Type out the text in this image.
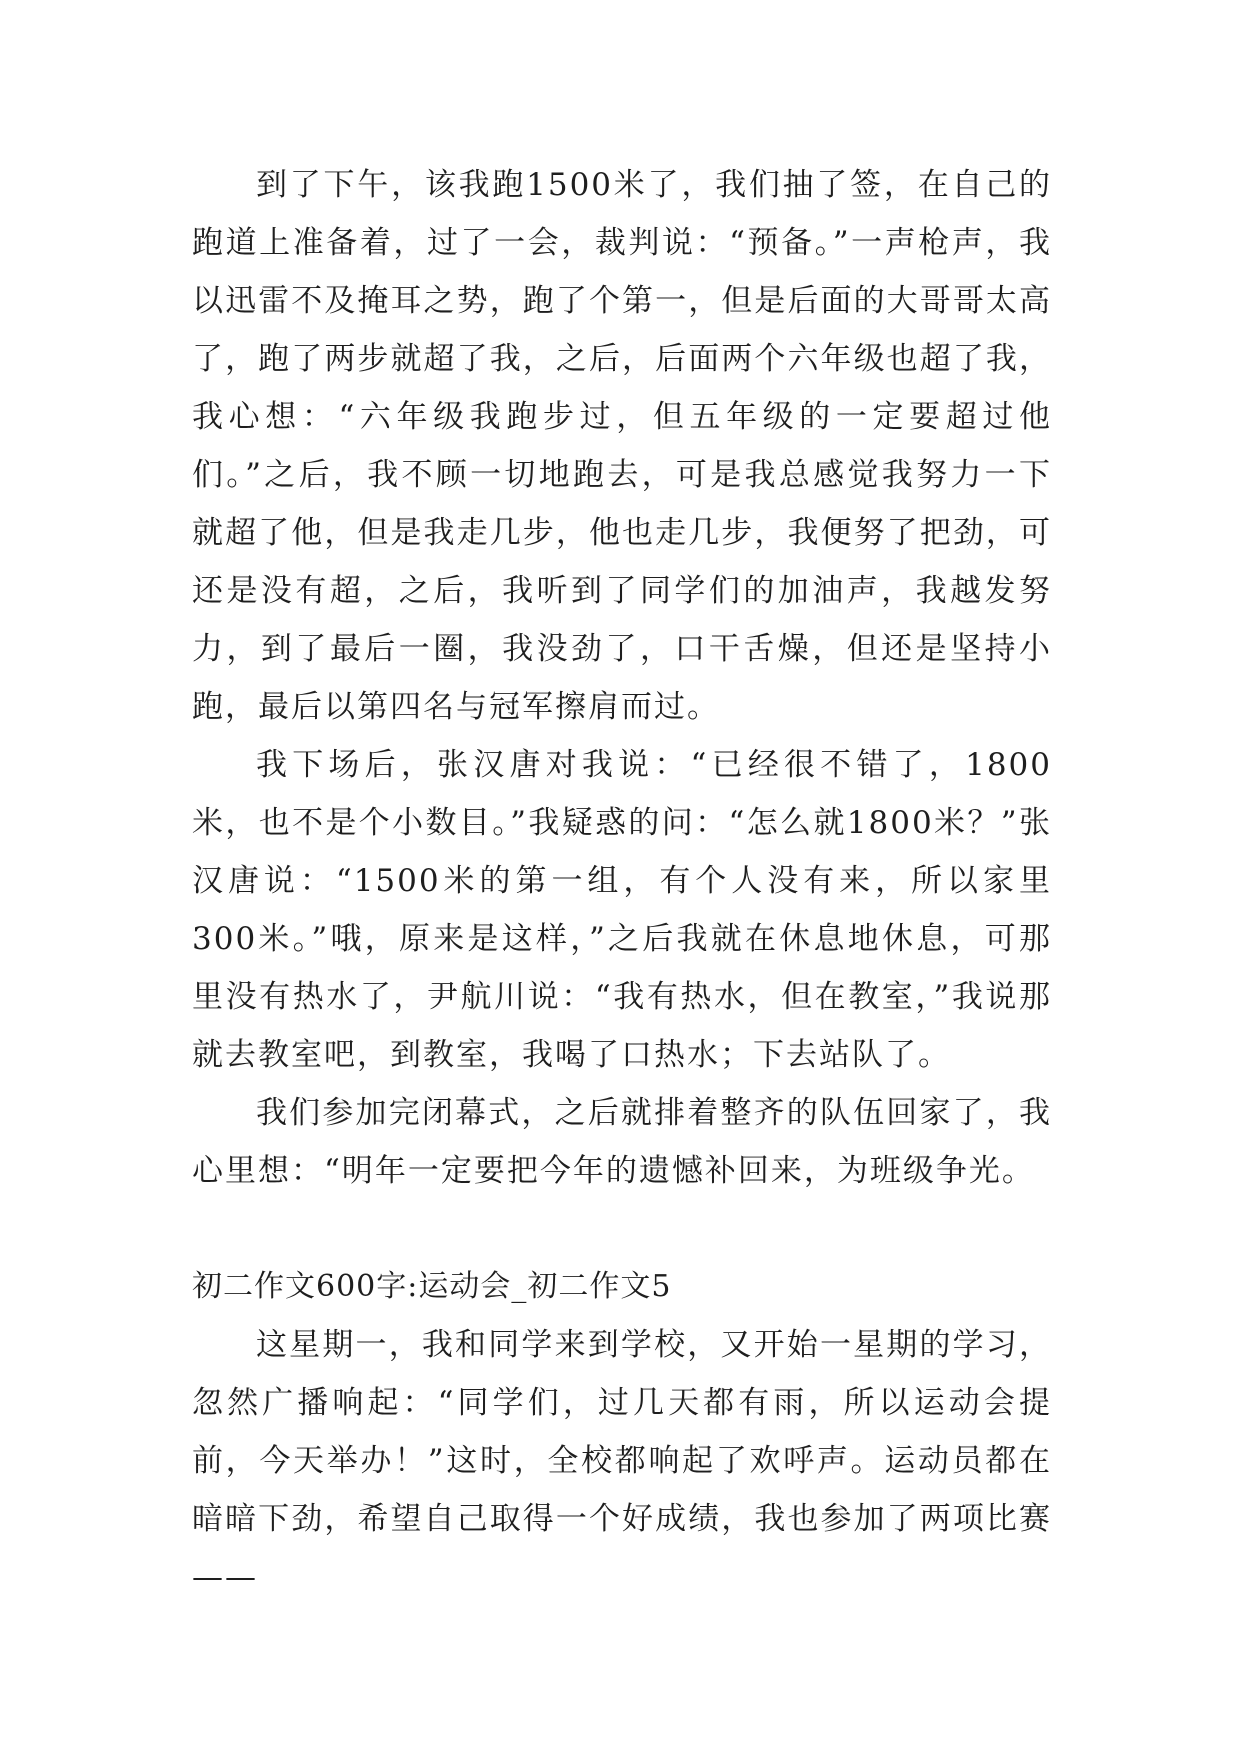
到了下午，该我跑1500米了，我们抽了签，在自己的跑道上准备着，过了一会，裁判说：“预备。”一声枪声，我以迅雷不及掩耳之势，跑了个第一，但是后面的大哥哥太高了，跑了两步就超了我，之后，后面两个六年级也超了我，我心想：“六年级我跑步过，但五年级的一定要超过他们。”之后，我不顾一切地跑去，可是我总感觉我努力一下就超了他，但是我走几步，他也走几步，我便努了把劲，可还是没有超，之后，我听到了同学们的加油声，我越发努力，到了最后一圈，我没劲了，口干舌燥，但还是坚持小跑，最后以第四名与冠军擦肩而过。

我下场后，张汉唐对我说：“已经很不错了，1800米，也不是个小数目。”我疑惑的问：“怎么就1800米？”张汉唐说：“1500米的第一组，有个人没有来，所以家里300米。”哦，原来是这样，”之后我就在休息地休息，可那里没有热水了，尹航川说：“我有热水，但在教室，”我说那就去教室吧，到教室，我喝了口热水；下去站队了。

我们参加完闭幕式，之后就排着整齐的队伍回家了，我心里想：“明年一定要把今年的遗憾补回来，为班级争光。

初二作文600字:运动会_初二作文5

这星期一，我和同学来到学校，又开始一星期的学习，忽然广播响起：“同学们，过几天都有雨，所以运动会提前，今天举办！”这时，全校都响起了欢呼声。运动员都在暗暗下劲，希望自己取得一个好成绩，我也参加了两项比赛——
